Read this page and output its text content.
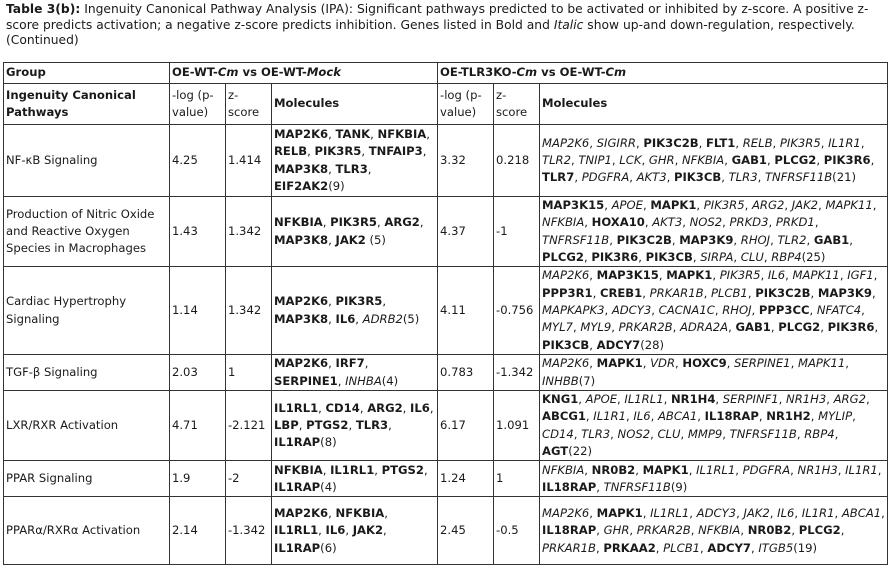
Table 3(b): Ingenuity Canonical Pathway Analysis (IPA): Significant pathways predicted to be activated or inhibited by z-score. A positive z-score predicts activation; a negative z-score predicts inhibition. Genes listed in Bold and Italic show up-and down-regulation, respectively. (Continued)
Group	OE-WT-Cm vs OE-WT-Mock			OE-TLR3KO-Cm vs OE-WT-Cm		
Ingenuity Canonical Pathways	-log (p-value)	z-score	Molecules	-log (p-value)	z-score	Molecules
NF-κB Signaling	4.25	1.414	MAP2K6, TANK, NFKBIA, RELB, PIK3R5, TNFAIP3, MAP3K8, TLR3, EIF2AK2(9)	3.32	0.218	MAP2K6, SIGIRR, PIK3C2B, FLT1, RELB, PIK3R5, IL1R1, TLR2, TNIP1, LCK, GHR, NFKBIA, GAB1, PLCG2, PIK3R6, TLR7, PDGFRA, AKT3, PIK3CB, TLR3, TNFRSF11B(21)
Production of Nitric Oxide and Reactive Oxygen Species in Macrophages	1.43	1.342	NFKBIA, PIK3R5, ARG2, MAP3K8, JAK2 (5)	4.37	-1	MAP3K15, APOE, MAPK1, PIK3R5, ARG2, JAK2, MAPK11, NFKBIA, HOXA10, AKT3, NOS2, PRKD3, PRKD1, TNFRSF11B, PIK3C2B, MAP3K9, RHOJ, TLR2, GAB1, PLCG2, PIK3R6, PIK3CB, SIRPA, CLU, RBP4(25)
Cardiac Hypertrophy Signaling	1.14	1.342	MAP2K6, PIK3R5, MAP3K8, IL6, ADRB2(5)	4.11	-0.756	MAP2K6, MAP3K15, MAPK1, PIK3R5, IL6, MAPK11, IGF1, PPP3R1, CREB1, PRKAR1B, PLCB1, PIK3C2B, MAP3K9, MAPKAPK3, ADCY3, CACNA1C, RHOJ, PPP3CC, NFATC4, MYL7, MYL9, PRKAR2B, ADRA2A, GAB1, PLCG2, PIK3R6, PIK3CB, ADCY7(28)
TGF-β Signaling	2.03	1	MAP2K6, IRF7, SERPINE1, INHBA(4)	0.783	-1.342	MAP2K6, MAPK1, VDR, HOXC9, SERPINE1, MAPK11, INHBB(7)
LXR/RXR Activation	4.71	-2.121	IL1RL1, CD14, ARG2, IL6, LBP, PTGS2, TLR3, IL1RAP(8)	6.17	1.091	KNG1, APOE, IL1RL1, NR1H4, SERPINF1, NR1H3, ARG2, ABCG1, IL1R1, IL6, ABCA1, IL18RAP, NR1H2, MYLIP, CD14, TLR3, NOS2, CLU, MMP9, TNFRSF11B, RBP4, AGT(22)
PPAR Signaling	1.9	-2	NFKBIA, IL1RL1, PTGS2, IL1RAP(4)	1.24	1	NFKBIA, NR0B2, MAPK1, IL1RL1, PDGFRA, NR1H3, IL1R1, IL18RAP, TNFRSF11B(9)
PPARα/RXRα Activation	2.14	-1.342	MAP2K6, NFKBIA, IL1RL1, IL6, JAK2, IL1RAP(6)	2.45	-0.5	MAP2K6, MAPK1, IL1RL1, ADCY3, JAK2, IL6, IL1R1, ABCA1, IL18RAP, GHR, PRKAR2B, NFKBIA, NR0B2, PLCG2, PRKAR1B, PRKAA2, PLCB1, ADCY7, ITGB5(19)
